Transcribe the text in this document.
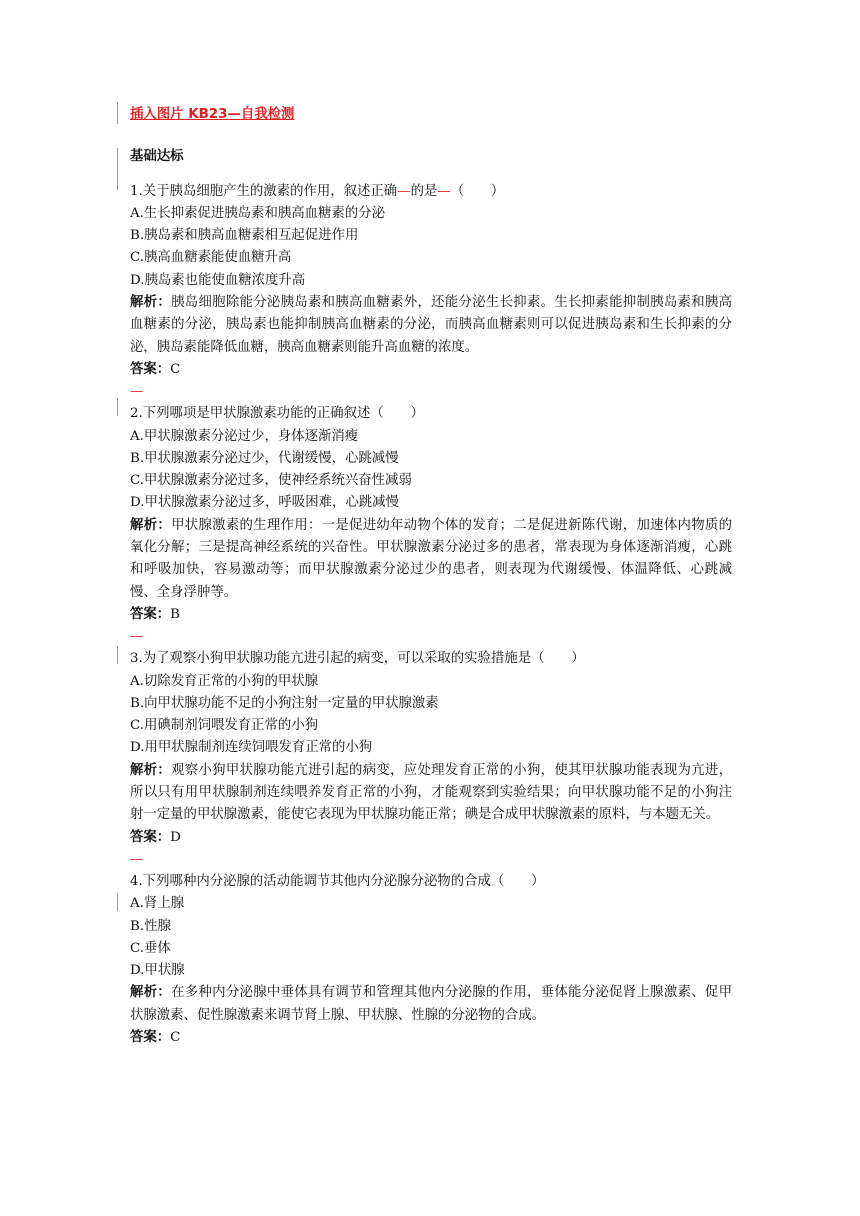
插入图片 KB23—自我检测
基础达标
1.关于胰岛细胞产生的激素的作用，叙述正确—的是—（　　）
A.生长抑素促进胰岛素和胰高血糖素的分泌
B.胰岛素和胰高血糖素相互起促进作用
C.胰高血糖素能使血糖升高
D.胰岛素也能使血糖浓度升高
解析：胰岛细胞除能分泌胰岛素和胰高血糖素外，还能分泌生长抑素。生长抑素能抑制胰岛素和胰高血糖素的分泌，胰岛素也能抑制胰高血糖素的分泌，而胰高血糖素则可以促进胰岛素和生长抑素的分泌，胰岛素能降低血糖，胰高血糖素则能升高血糖的浓度。
答案：C
—
2.下列哪项是甲状腺激素功能的正确叙述（　　）
A.甲状腺激素分泌过少，身体逐渐消瘦
B.甲状腺激素分泌过少，代谢缓慢，心跳减慢
C.甲状腺激素分泌过多，使神经系统兴奋性减弱
D.甲状腺激素分泌过多，呼吸困难，心跳减慢
解析：甲状腺激素的生理作用：一是促进幼年动物个体的发育；二是促进新陈代谢，加速体内物质的氧化分解；三是提高神经系统的兴奋性。甲状腺激素分泌过多的患者，常表现为身体逐渐消瘦，心跳和呼吸加快，容易激动等；而甲状腺激素分泌过少的患者，则表现为代谢缓慢、体温降低、心跳减慢、全身浮肿等。
答案：B
—
3.为了观察小狗甲状腺功能亢进引起的病变，可以采取的实验措施是（　　）
A.切除发育正常的小狗的甲状腺
B.向甲状腺功能不足的小狗注射一定量的甲状腺激素
C.用碘制剂饲喂发育正常的小狗
D.用甲状腺制剂连续饲喂发育正常的小狗
解析：观察小狗甲状腺功能亢进引起的病变，应处理发育正常的小狗，使其甲状腺功能表现为亢进，所以只有用甲状腺制剂连续喂养发育正常的小狗，才能观察到实验结果；向甲状腺功能不足的小狗注射一定量的甲状腺激素，能使它表现为甲状腺功能正常；碘是合成甲状腺激素的原料，与本题无关。
答案：D
—
4.下列哪种内分泌腺的活动能调节其他内分泌腺分泌物的合成（　　）
A.肾上腺
B.性腺
C.垂体
D.甲状腺
解析：在多种内分泌腺中垂体具有调节和管理其他内分泌腺的作用，垂体能分泌促肾上腺激素、促甲状腺激素、促性腺激素来调节肾上腺、甲状腺、性腺的分泌物的合成。
答案：C
